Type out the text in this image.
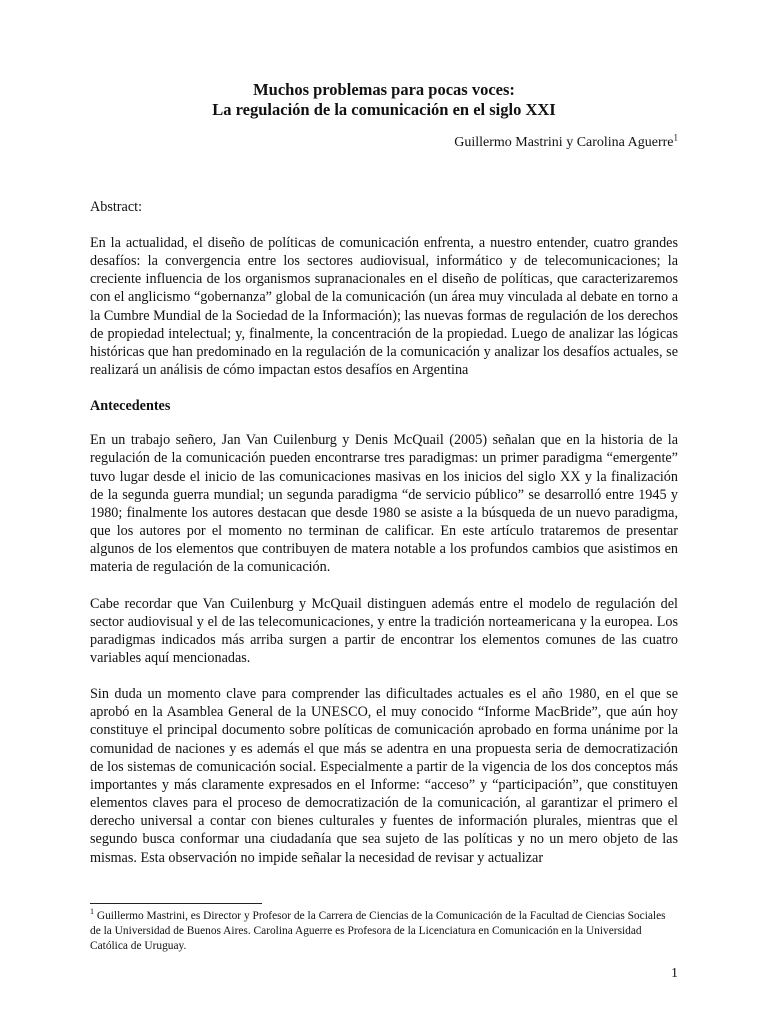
Muchos problemas para pocas voces:
La regulación de la comunicación en el siglo XXI
Guillermo Mastrini y Carolina Aguerre$^1$
Abstract:

En la actualidad, el diseño de políticas de comunicación enfrenta, a nuestro entender, cuatro grandes desafíos: la convergencia entre los sectores audiovisual, informático y de telecomunicaciones; la creciente influencia de los organismos supranacionales en el diseño de políticas, que caracterizaremos con el anglicismo “gobernanza” global de la comunicación (un área muy vinculada al debate en torno a la Cumbre Mundial de la Sociedad de la Información); las nuevas formas de regulación de los derechos de propiedad intelectual; y, finalmente, la concentración de la propiedad. Luego de analizar las lógicas históricas que han predominado en la regulación de la comunicación y analizar los desafíos actuales, se realizará un análisis de cómo impactan estos desafíos en Argentina

Antecedentes

En un trabajo señero, Jan Van Cuilenburg y Denis McQuail (2005) señalan que en la historia de la regulación de la comunicación pueden encontrarse tres paradigmas: un primer paradigma “emergente” tuvo lugar desde el inicio de las comunicaciones masivas en los inicios del siglo XX y la finalización de la segunda guerra mundial; un segunda paradigma “de servicio público” se desarrolló entre 1945 y 1980; finalmente los autores destacan que desde 1980 se asiste a la búsqueda de un nuevo paradigma, que los autores por el momento no terminan de calificar. En este artículo trataremos de presentar algunos de los elementos que contribuyen de matera notable a los profundos cambios que asistimos en materia de regulación de la comunicación.

Cabe recordar que Van Cuilenburg y McQuail distinguen además entre el modelo de regulación del sector audiovisual y el de las telecomunicaciones, y entre la tradición norteamericana y la europea. Los paradigmas indicados más arriba surgen a partir de encontrar los elementos comunes de las cuatro variables aquí mencionadas.

Sin duda un momento clave para comprender las dificultades actuales es el año 1980, en el que se aprobó en la Asamblea General de la UNESCO, el muy conocido “Informe MacBride”, que aún hoy constituye el principal documento sobre políticas de comunicación aprobado en forma unánime por la comunidad de naciones y es además el que más se adentra en una propuesta seria de democratización de los sistemas de comunicación social. Especialmente a partir de la vigencia de los dos conceptos más importantes y más claramente expresados en el Informe: “acceso” y “participación”, que constituyen elementos claves para el proceso de democratización de la comunicación, al garantizar el primero el derecho universal a contar con bienes culturales y fuentes de información plurales, mientras que el segundo busca conformar una ciudadanía que sea sujeto de las políticas y no un mero objeto de las mismas. Esta observación no impide señalar la necesidad de revisar y actualizar

$^1$ Guillermo Mastrini, es Director y Profesor de la Carrera de Ciencias de la Comunicación de la Facultad de Ciencias Sociales de la Universidad de Buenos Aires. Carolina Aguerre es Profesora de la Licenciatura en Comunicación en la Universidad Católica de Uruguay.
1
